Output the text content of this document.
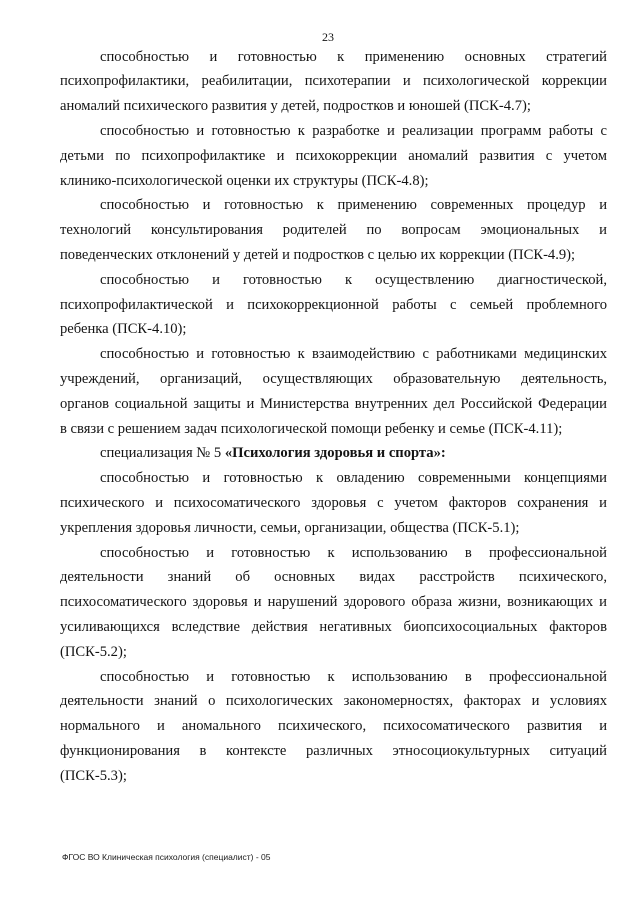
23
способностью и готовностью к применению основных стратегий
психопрофилактики, реабилитации, психотерапии и психологической коррекции
аномалий психического развития у детей, подростков и юношей (ПСК-4.7);
способностью и готовностью к разработке и реализации программ работы с
детьми по психопрофилактике и психокоррекции аномалий развития с учетом
клинико-психологической оценки их структуры (ПСК-4.8);
способностью и готовностью к применению современных процедур и
технологий консультирования родителей по вопросам эмоциональных и
поведенческих отклонений у детей и подростков с целью их коррекции (ПСК-4.9);
способностью и готовностью к осуществлению диагностической,
психопрофилактической и психокоррекционной работы с семьей проблемного
ребенка (ПСК-4.10);
способностью и готовностью к взаимодействию с работниками медицинских
учреждений, организаций, осуществляющих образовательную деятельность,
органов социальной защиты и Министерства внутренних дел Российской Федерации
в связи с решением задач психологической помощи ребенку и семье (ПСК-4.11);
специализация № 5 «Психология здоровья и спорта»:
способностью и готовностью к овладению современными концепциями
психического и психосоматического здоровья с учетом факторов сохранения и
укрепления здоровья личности, семьи, организации, общества (ПСК-5.1);
способностью и готовностью к использованию в профессиональной
деятельности знаний об основных видах расстройств психического,
психосоматического здоровья и нарушений здорового образа жизни, возникающих и
усиливающихся вследствие действия негативных биопсихосоциальных факторов
(ПСК-5.2);
способностью и готовностью к использованию в профессиональной
деятельности знаний о психологических закономерностях, факторах и условиях
нормального и аномального психического, психосоматического развития и
функционирования в контексте различных этносоциокультурных ситуаций
(ПСК-5.3);
ФГОС ВО Клиническая психология (специалист) - 05
